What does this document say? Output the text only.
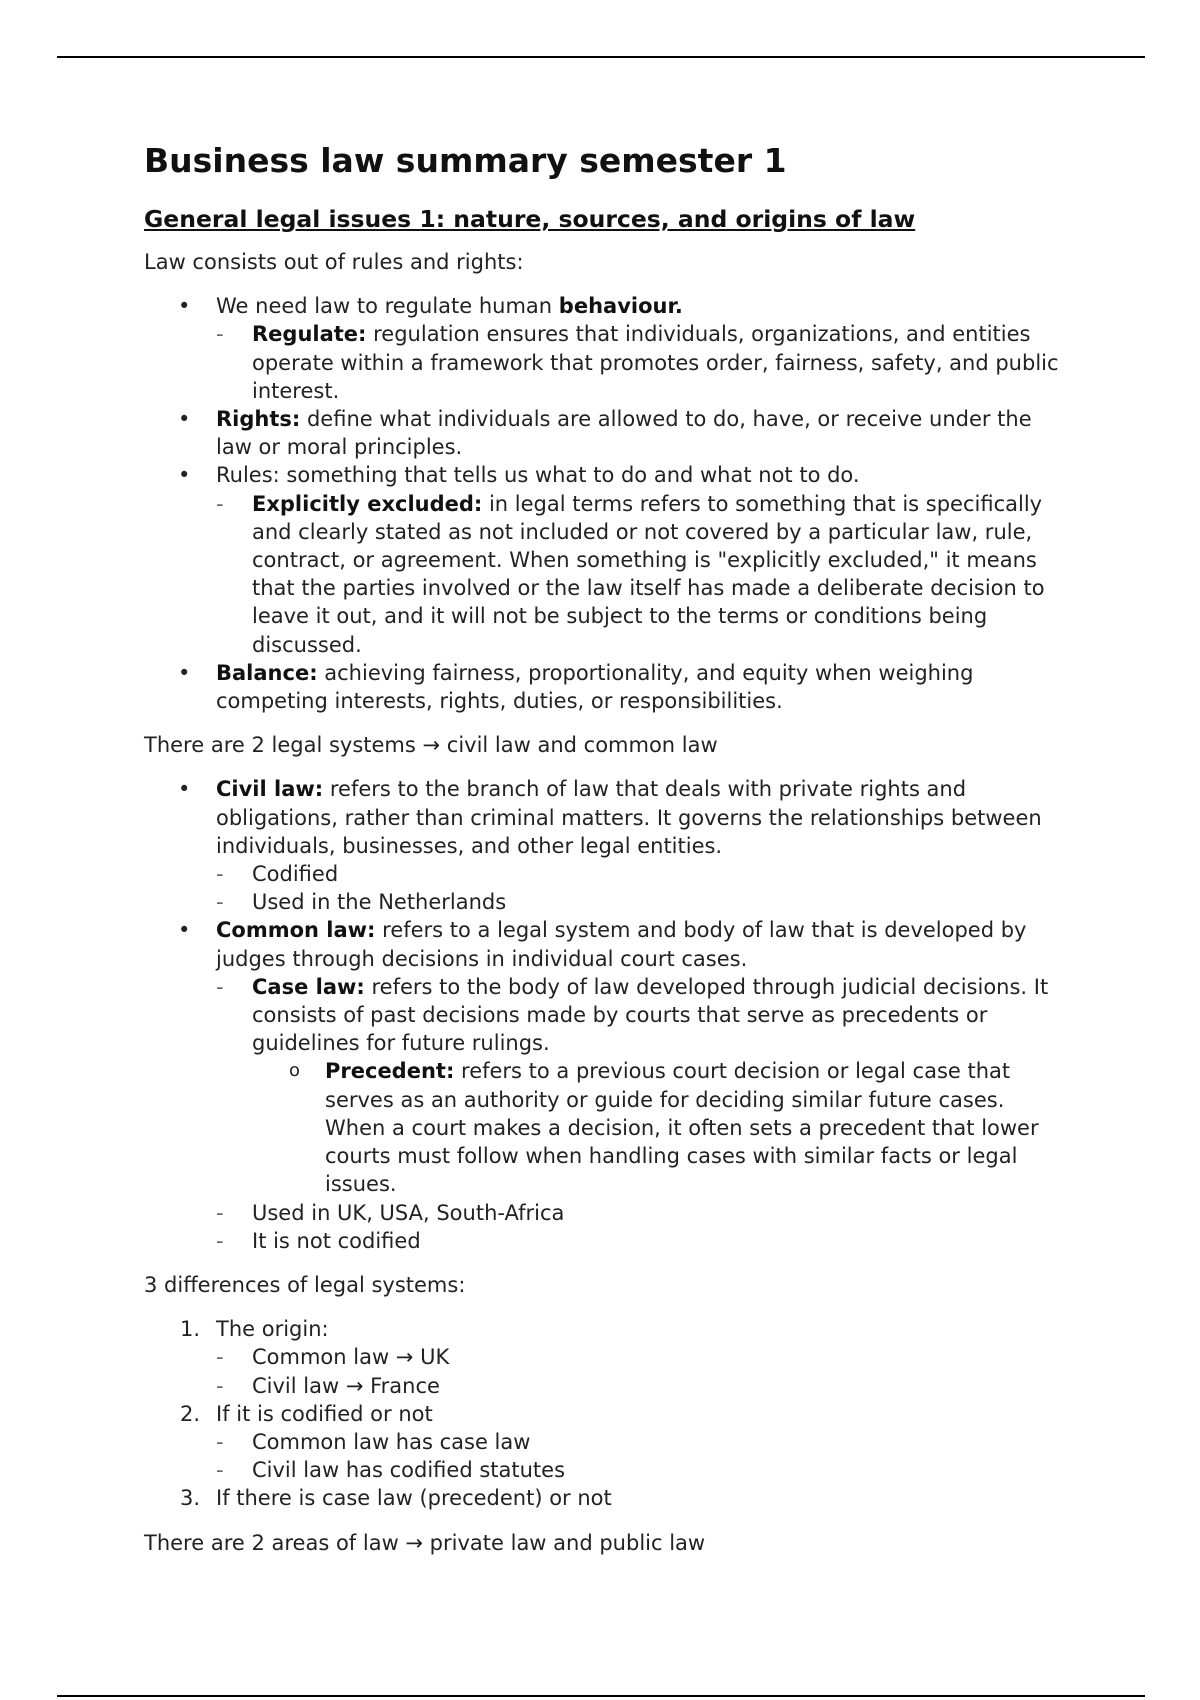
Business law summary semester 1
General legal issues 1: nature, sources, and origins of law

Law consists out of rules and rights:

• We need law to regulate human behaviour.
- Regulate: regulation ensures that individuals, organizations, and entities operate within a framework that promotes order, fairness, safety, and public interest.
• Rights: define what individuals are allowed to do, have, or receive under the law or moral principles.
• Rules: something that tells us what to do and what not to do.
- Explicitly excluded: in legal terms refers to something that is specifically and clearly stated as not included or not covered by a particular law, rule, contract, or agreement. When something is "explicitly excluded," it means that the parties involved or the law itself has made a deliberate decision to leave it out, and it will not be subject to the terms or conditions being discussed.
• Balance: achieving fairness, proportionality, and equity when weighing competing interests, rights, duties, or responsibilities.

There are 2 legal systems → civil law and common law

• Civil law: refers to the branch of law that deals with private rights and obligations, rather than criminal matters. It governs the relationships between individuals, businesses, and other legal entities.
- Codified
- Used in the Netherlands
• Common law: refers to a legal system and body of law that is developed by judges through decisions in individual court cases.
- Case law: refers to the body of law developed through judicial decisions. It consists of past decisions made by courts that serve as precedents or guidelines for future rulings.
o Precedent: refers to a previous court decision or legal case that serves as an authority or guide for deciding similar future cases. When a court makes a decision, it often sets a precedent that lower courts must follow when handling cases with similar facts or legal issues.
- Used in UK, USA, South-Africa
- It is not codified

3 differences of legal systems:

1. The origin:
- Common law → UK
- Civil law → France
2. If it is codified or not
- Common law has case law
- Civil law has codified statutes
3. If there is case law (precedent) or not

There are 2 areas of law → private law and public law
